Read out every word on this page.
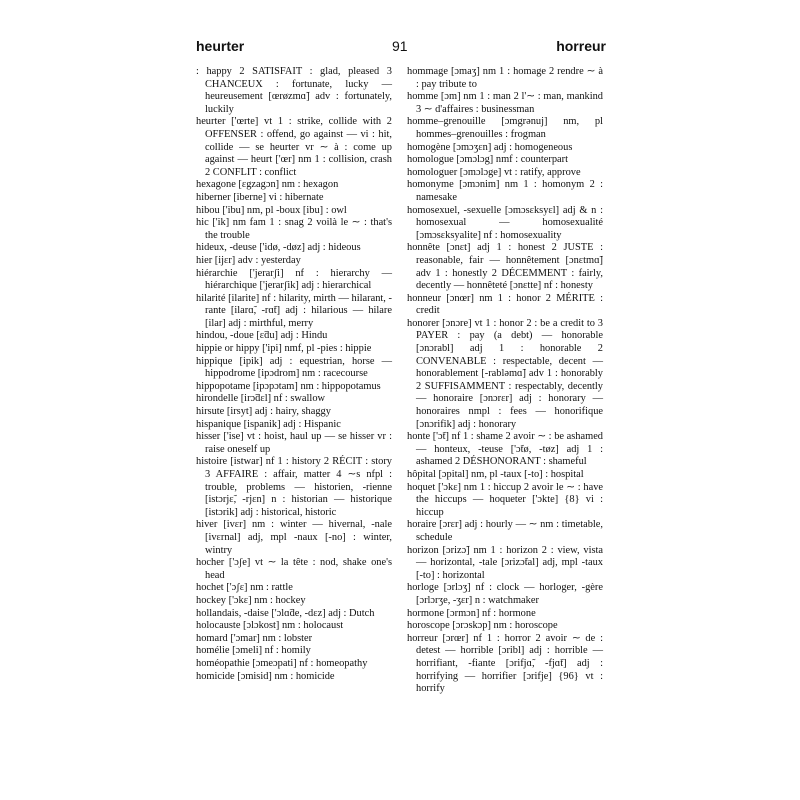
heurter	91	horreur

: happy 2 SATISFAIT : glad, pleased 3 CHANCEUX : fortunate, lucky — heureusement [œrøzmɑ̃] adv : fortunately, luckily

heurter ['œrte] vt 1 : strike, collide with 2 OFFENSER : offend, go against — vi : hit, collide — se heurter vr ∼ à : come up against — heurt ['œr] nm 1 : collision, crash 2 CONFLIT : conflict

hexagone [ɛgzagɔn] nm : hexagon

hiberner [iberne] vi : hibernate

hibou ['ibu] nm, pl -boux [ibu] : owl

hic ['ik] nm fam 1 : snag 2 voilà le ∼ : that's the trouble

hideux, -deuse ['idø, -døz] adj : hideous

hier [ijɛr] adv : yesterday

hiérarchie ['jerarʃi] nf : hierarchy — hiérarchique ['jerarʃik] adj : hierarchical

hilarité [ilarite] nf : hilarity, mirth — hilarant, -rante [ilarɑ̃, -rɑ̃t] adj : hilarious — hilare [ilar] adj : mirthful, merry

hindou, -doue [ɛ̃du] adj : Hindu

hippie or hippy ['ipi] nmf, pl -pies : hippie

hippique [ipik] adj : equestrian, horse — hippodrome [ipɔdrom] nm : racecourse

hippopotame [ipɔpɔtam] nm : hippopotamus

hirondelle [irɔ̃dɛl] nf : swallow

hirsute [irsyt] adj : hairy, shaggy

hispanique [ispanik] adj : Hispanic

hisser ['ise] vt : hoist, haul up — se hisser vr : raise oneself up

histoire [istwar] nf 1 : history 2 RÉCIT : story 3 AFFAIRE : affair, matter 4 ∼s nfpl : trouble, problems — historien, -rienne [istɔrjɛ̃, -rjɛn] n : historian — historique [istɔrik] adj : historical, historic

hiver [ivɛr] nm : winter — hivernal, -nale [ivɛrnal] adj, mpl -naux [-no] : winter, wintry

hocher ['ɔʃe] vt ∼ la tête : nod, shake one's head

hochet ['ɔʃɛ] nm : rattle

hockey ['ɔkɛ] nm : hockey

hollandais, -daise ['ɔlɑ̃de, -dɛz] adj : Dutch

holocauste [ɔlɔkost] nm : holocaust

homard ['ɔmar] nm : lobster

homélie [ɔmeli] nf : homily

homéopathie [ɔmeɔpati] nf : homeopathy

homicide [ɔmisid] nm : homicide

hommage [ɔmaʒ] nm 1 : homage 2 rendre ∼ à : pay tribute to

homme [ɔm] nm 1 : man 2 l'∼ : man, mankind 3 ∼ d'affaires : businessman

homme–grenouille [ɔmgrənuj] nm, pl hommes–grenouilles : frogman

homogène [ɔmɔʒɛn] adj : homogeneous

homologue [ɔmɔlɔg] nmf : counterpart

homologuer [ɔmɔlɔge] vt : ratify, approve

homonyme [ɔmɔnim] nm 1 : homonym 2 : namesake

homosexuel, -sexuelle [ɔmɔsɛksyɛl] adj & n : homosexual — homosexualité [ɔmɔsɛksyalite] nf : homosexuality

honnête [ɔnɛt] adj 1 : honest 2 JUSTE : reasonable, fair — honnêtement [ɔnɛtmɑ̃] adv 1 : honestly 2 DÉCEMMENT : fairly, decently — honnêteté [ɔnɛtte] nf : honesty

honneur [ɔnœr] nm 1 : honor 2 MÉRITE : credit

honorer [ɔnɔre] vt 1 : honor 2 : be a credit to 3 PAYER : pay (a debt) — honorable [ɔnɔrabl] adj 1 : honorable 2 CONVENABLE : respectable, decent — honorablement [-rabləmɑ̃] adv 1 : honorably 2 SUFFISAMMENT : respectably, decently — honoraire [ɔnɔrɛr] adj : honorary — honoraires nmpl : fees — honorifique [ɔnɔrifik] adj : honorary

honte ['ɔ̃t] nf 1 : shame 2 avoir ∼ : be ashamed — honteux, -teuse ['ɔ̃tø, -tøz] adj 1 : ashamed 2 DÉSHONORANT : shameful

hôpital [ɔpital] nm, pl -taux [-to] : hospital

hoquet ['ɔkɛ] nm 1 : hiccup 2 avoir le ∼ : have the hiccups — hoqueter ['ɔkte] {8} vi : hiccup

horaire [ɔrɛr] adj : hourly — ∼ nm : timetable, schedule

horizon [ɔrizɔ̃] nm 1 : horizon 2 : view, vista — horizontal, -tale [ɔrizɔ̃tal] adj, mpl -taux [-to] : horizontal

horloge [ɔrlɔʒ] nf : clock — horloger, -gère [ɔrlɔrʒe, -ʒɛr] n : watchmaker

hormone [ɔrmɔn] nf : hormone

horoscope [ɔrɔskɔp] nm : horoscope

horreur [ɔrœr] nf 1 : horror 2 avoir ∼ de : detest — horrible [ɔribl] adj : horrible — horrifiant, -fiante [ɔrifjɑ̃, -fjɑ̃t] adj : horrifying — horrifier [ɔrifje] {96} vt : horrify
